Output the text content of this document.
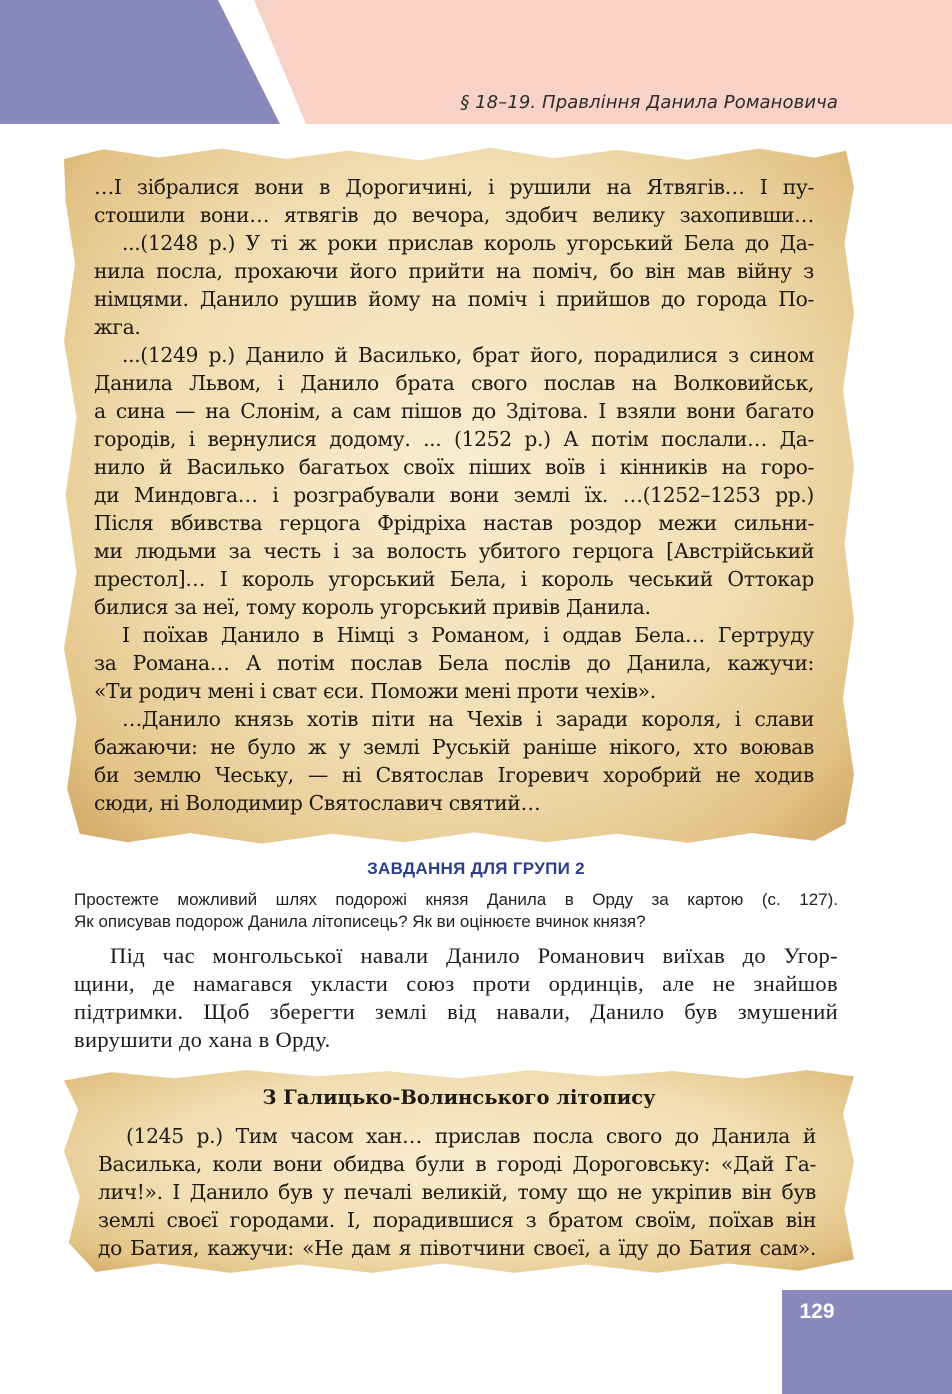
§ 18–19. Правління Данила Романовича
…І зібралися вони в Дорогичині, і рушили на Ятвягів… І пу-
стошили вони… ятвягів до вечора, здобич велику захопивши…
...(1248 р.) У ті ж роки прислав король угорський Бела до Да-
нила посла, прохаючи його прийти на поміч, бо він мав війну з
німцями. Данило рушив йому на поміч і прийшов до города По-
жга.
...(1249 р.) Данило й Василько, брат його, порадилися з сином
Данила Львом, і Данило брата свого послав на Волковийськ,
а сина — на Слонім, а сам пішов до Здітова. І взяли вони багато
городів, і вернулися додому. ... (1252 р.) А потім послали… Да-
нило й Василько багатьох своїх піших воїв і кінників на горо-
ди Миндовга… і розграбували вони землі їх. …(1252–1253 рр.)
Після вбивства герцога Фрідріха настав роздор межи сильни-
ми людьми за честь і за волость убитого герцога [Австрійський
престол]… І король угорський Бела, і король чеський Оттокар
билися за неї, тому король угорський привів Данила.
І поїхав Данило в Німці з Романом, і оддав Бела… Гертруду
за Романа… А потім послав Бела послів до Данила, кажучи:
«Ти родич мені і сват єси. Поможи мені проти чехів».
…Данило князь хотів піти на Чехів і заради короля, і слави
бажаючи: не було ж у землі Руській раніше нікого, хто воював
би землю Чеську, — ні Святослав Ігоревич хоробрий не ходив
сюди, ні Володимир Святославич святий…
ЗАВДАННЯ ДЛЯ ГРУПИ 2
Простежте можливий шлях подорожі князя Данила в Орду за картою (с. 127).
Як описував подорож Данила літописець? Як ви оцінюєте вчинок князя?
Під час монгольської навали Данило Романович виїхав до Угор-
щини, де намагався укласти союз проти ординців, але не знайшов
підтримки. Щоб зберегти землі від навали, Данило був змушений
вирушити до хана в Орду.
З Галицько-Волинського літопису
(1245 р.) Тим часом хан… прислав посла свого до Данила й
Василька, коли вони обидва були в городі Дороговську: «Дай Га-
лич!». І Данило був у печалі великій, тому що не укріпив він був
землі своєї городами. І, порадившися з братом своїм, поїхав він
до Батия, кажучи: «Не дам я півотчини своєї, а їду до Батия сам».
129
